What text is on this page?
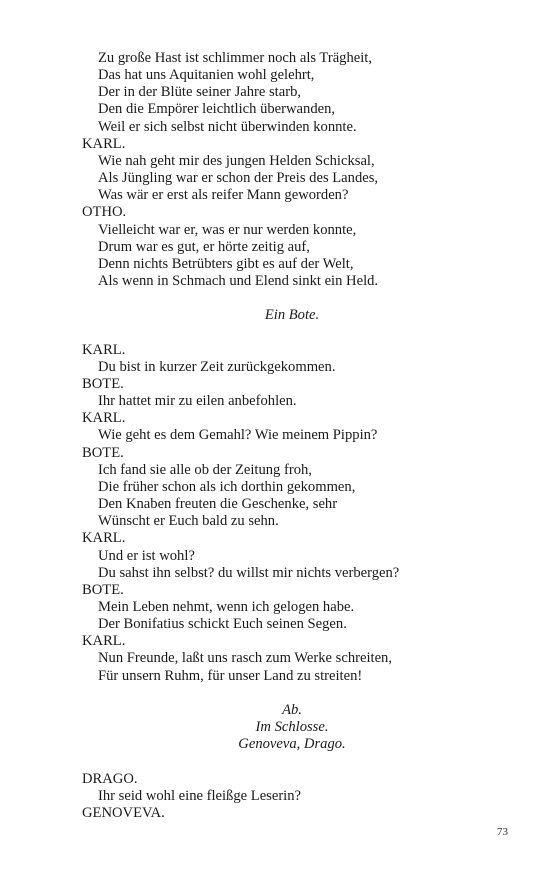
Zu große Hast ist schlimmer noch als Trägheit,
Das hat uns Aquitanien wohl gelehrt,
Der in der Blüte seiner Jahre starb,
Den die Empörer leichtlich überwanden,
Weil er sich selbst nicht überwinden konnte.
KARL.
Wie nah geht mir des jungen Helden Schicksal,
Als Jüngling war er schon der Preis des Landes,
Was wär er erst als reifer Mann geworden?
OTHO.
Vielleicht war er, was er nur werden konnte,
Drum war es gut, er hörte zeitig auf,
Denn nichts Betrübters gibt es auf der Welt,
Als wenn in Schmach und Elend sinkt ein Held.
Ein Bote.
KARL.
Du bist in kurzer Zeit zurückgekommen.
BOTE.
Ihr hattet mir zu eilen anbefohlen.
KARL.
Wie geht es dem Gemahl? Wie meinem Pippin?
BOTE.
Ich fand sie alle ob der Zeitung froh,
Die früher schon als ich dorthin gekommen,
Den Knaben freuten die Geschenke, sehr
Wünscht er Euch bald zu sehn.
KARL.
Und er ist wohl?
Du sahst ihn selbst? du willst mir nichts verbergen?
BOTE.
Mein Leben nehmt, wenn ich gelogen habe.
Der Bonifatius schickt Euch seinen Segen.
KARL.
Nun Freunde, laßt uns rasch zum Werke schreiten,
Für unsern Ruhm, für unser Land zu streiten!
Ab.
Im Schlosse.
Genoveva, Drago.
DRAGO.
Ihr seid wohl eine fleißge Leserin?
GENOVEVA.
73
